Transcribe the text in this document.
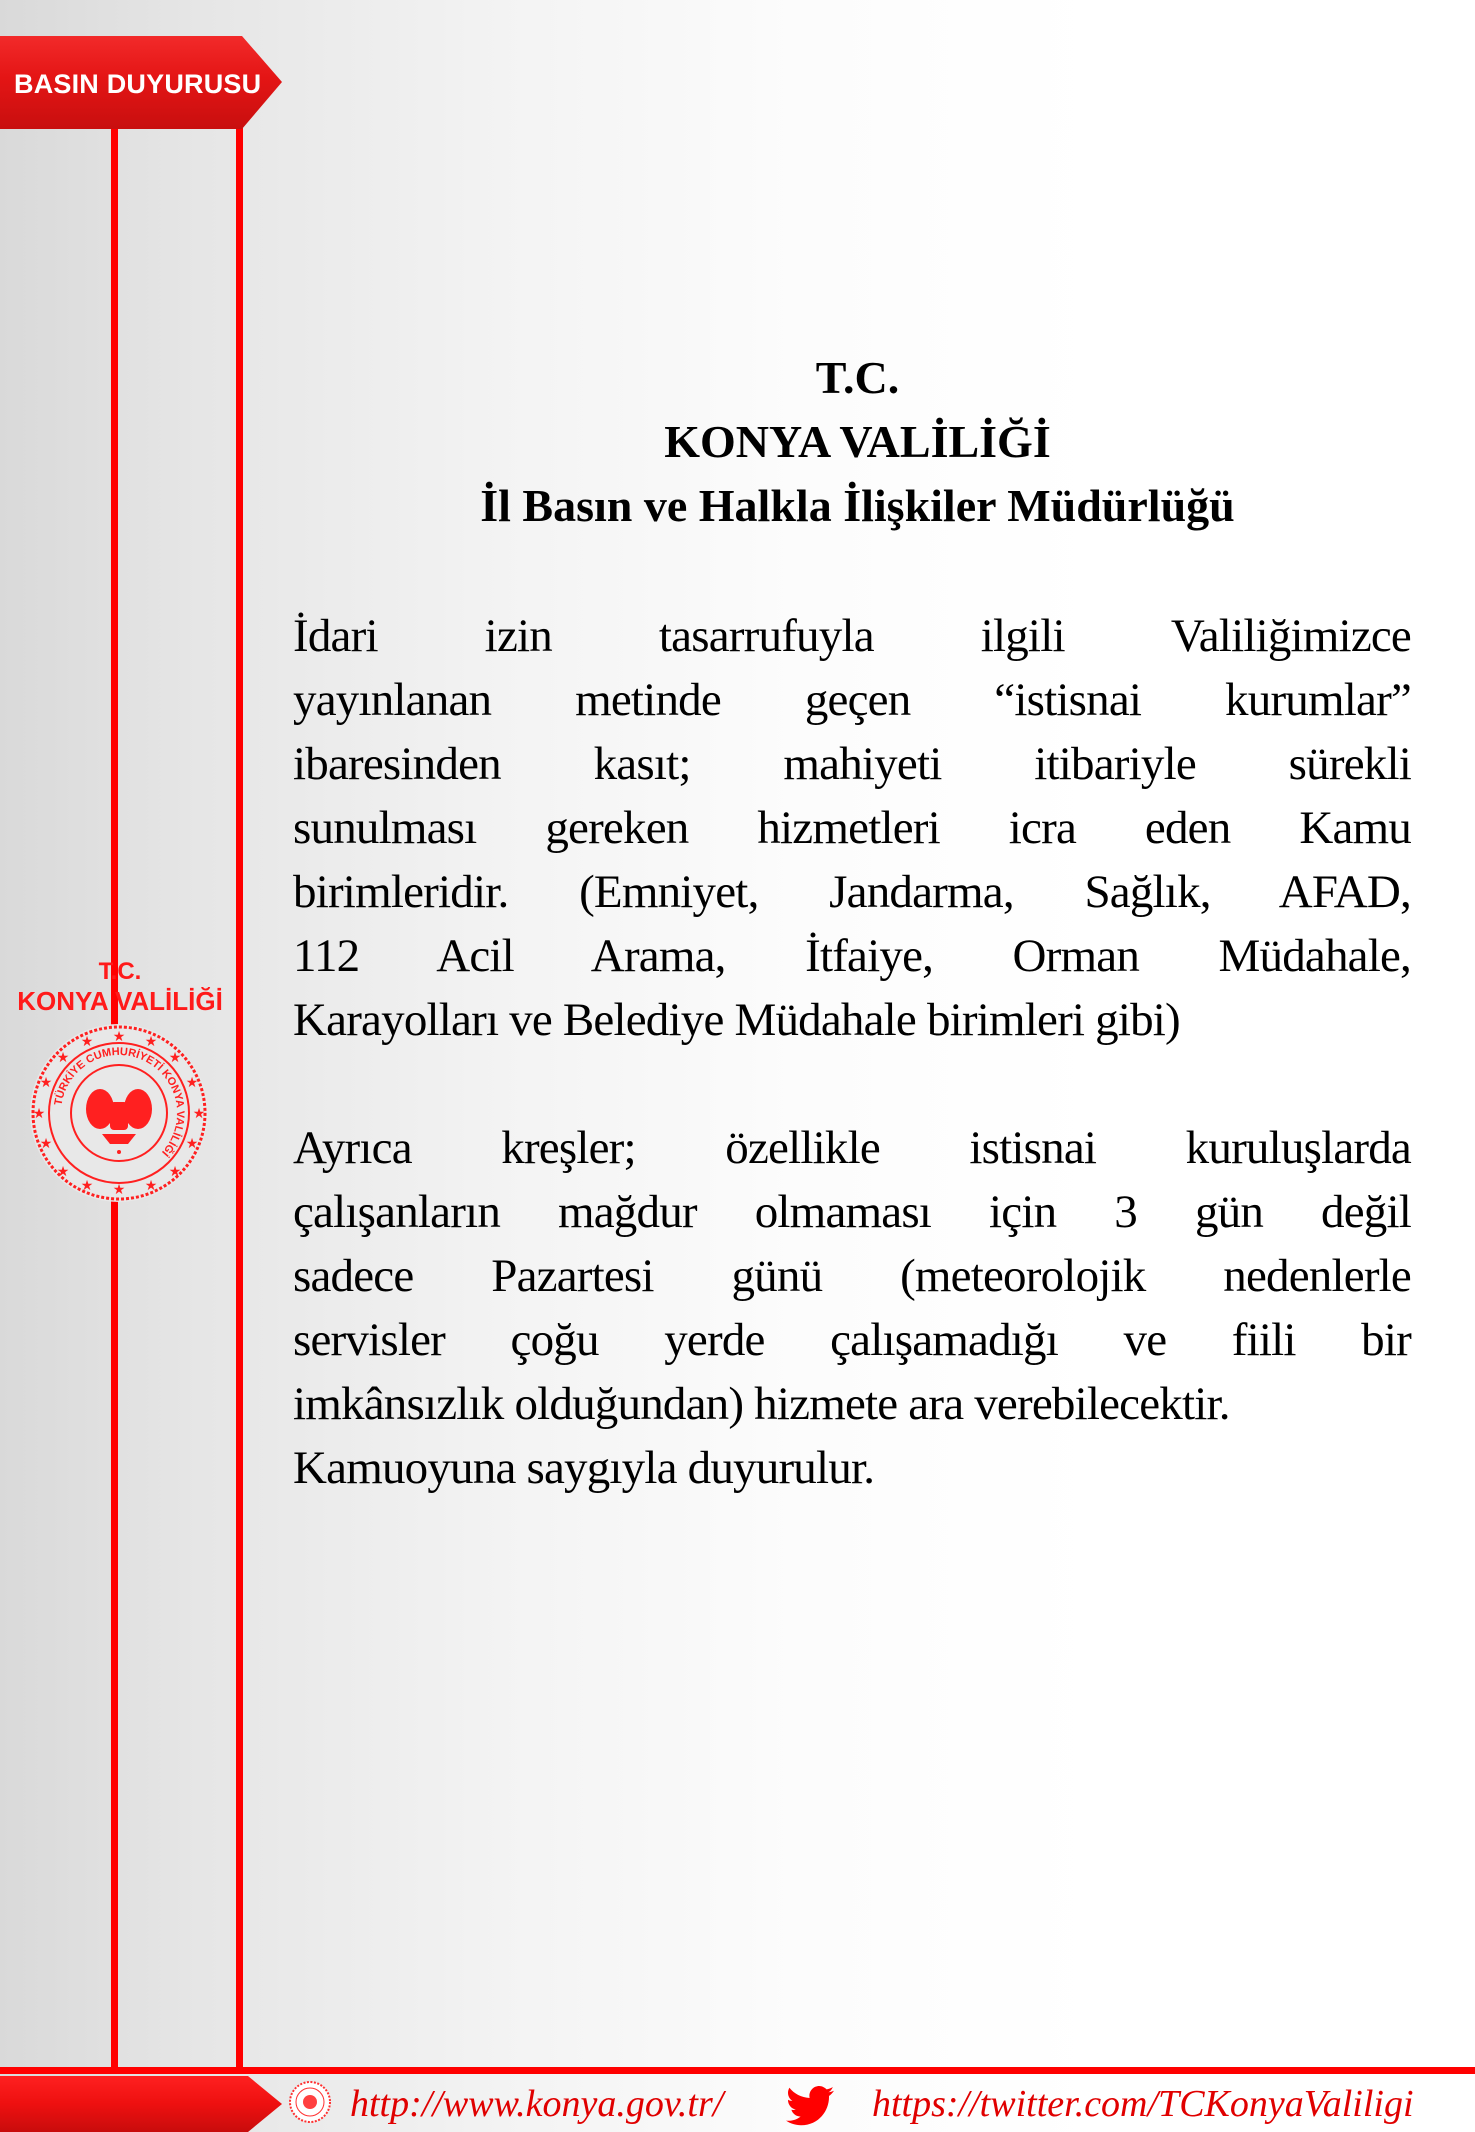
BASIN DUYURUSU
T.C.
KONYA VALİLİĞİ
★
★
★	★
★	★
★	★
★	★
★	★
★	★
★	★
TÜRKİYE CUMHURİYETİ KONYA VALİLİĞİ
T.C.
KONYA VALİLİĞİ
İl Basın ve Halkla İlişkiler Müdürlüğü
İdari izin tasarrufuyla ilgili Valiliğimizce
yayınlanan metinde geçen “istisnai kurumlar”
ibaresinden kasıt; mahiyeti itibariyle sürekli
sunulması gereken hizmetleri icra eden Kamu
birimleridir. (Emniyet, Jandarma, Sağlık, AFAD,
112 Acil Arama, İtfaiye, Orman Müdahale,
Karayolları ve Belediye Müdahale birimleri gibi)
Ayrıca kreşler; özellikle istisnai kuruluşlarda
çalışanların mağdur olmaması için 3 gün değil
sadece Pazartesi günü (meteorolojik nedenlerle
servisler çoğu yerde çalışamadığı ve fiili bir
imkânsızlık olduğundan) hizmete ara verebilecektir.
Kamuoyuna saygıyla duyurulur.
http://www.konya.gov.tr/	https://twitter.com/TCKonyaValiligi
